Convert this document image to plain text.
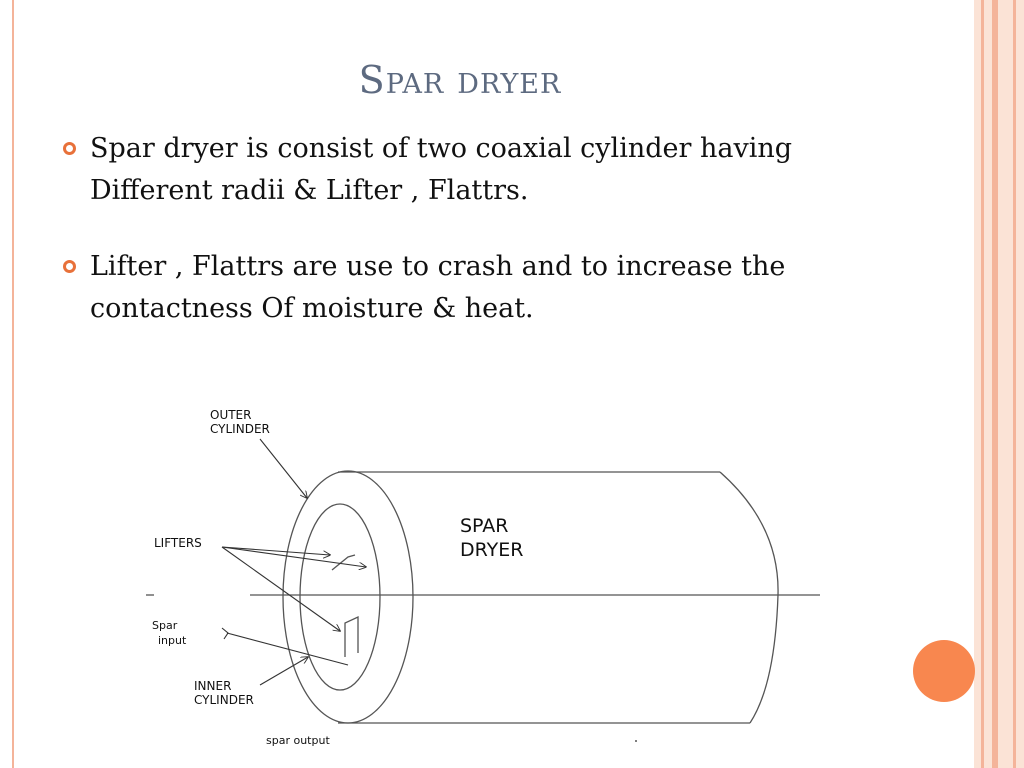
Spar dryer
Spar dryer is consist of two coaxial cylinder having Different radii & Lifter , Flattrs.
Lifter , Flattrs are use to crash and to increase the contactness Of moisture & heat.
OUTER CYLINDER
LIFTERS
Spar input
INNER CYLINDER
spar output
SPAR DRYER
